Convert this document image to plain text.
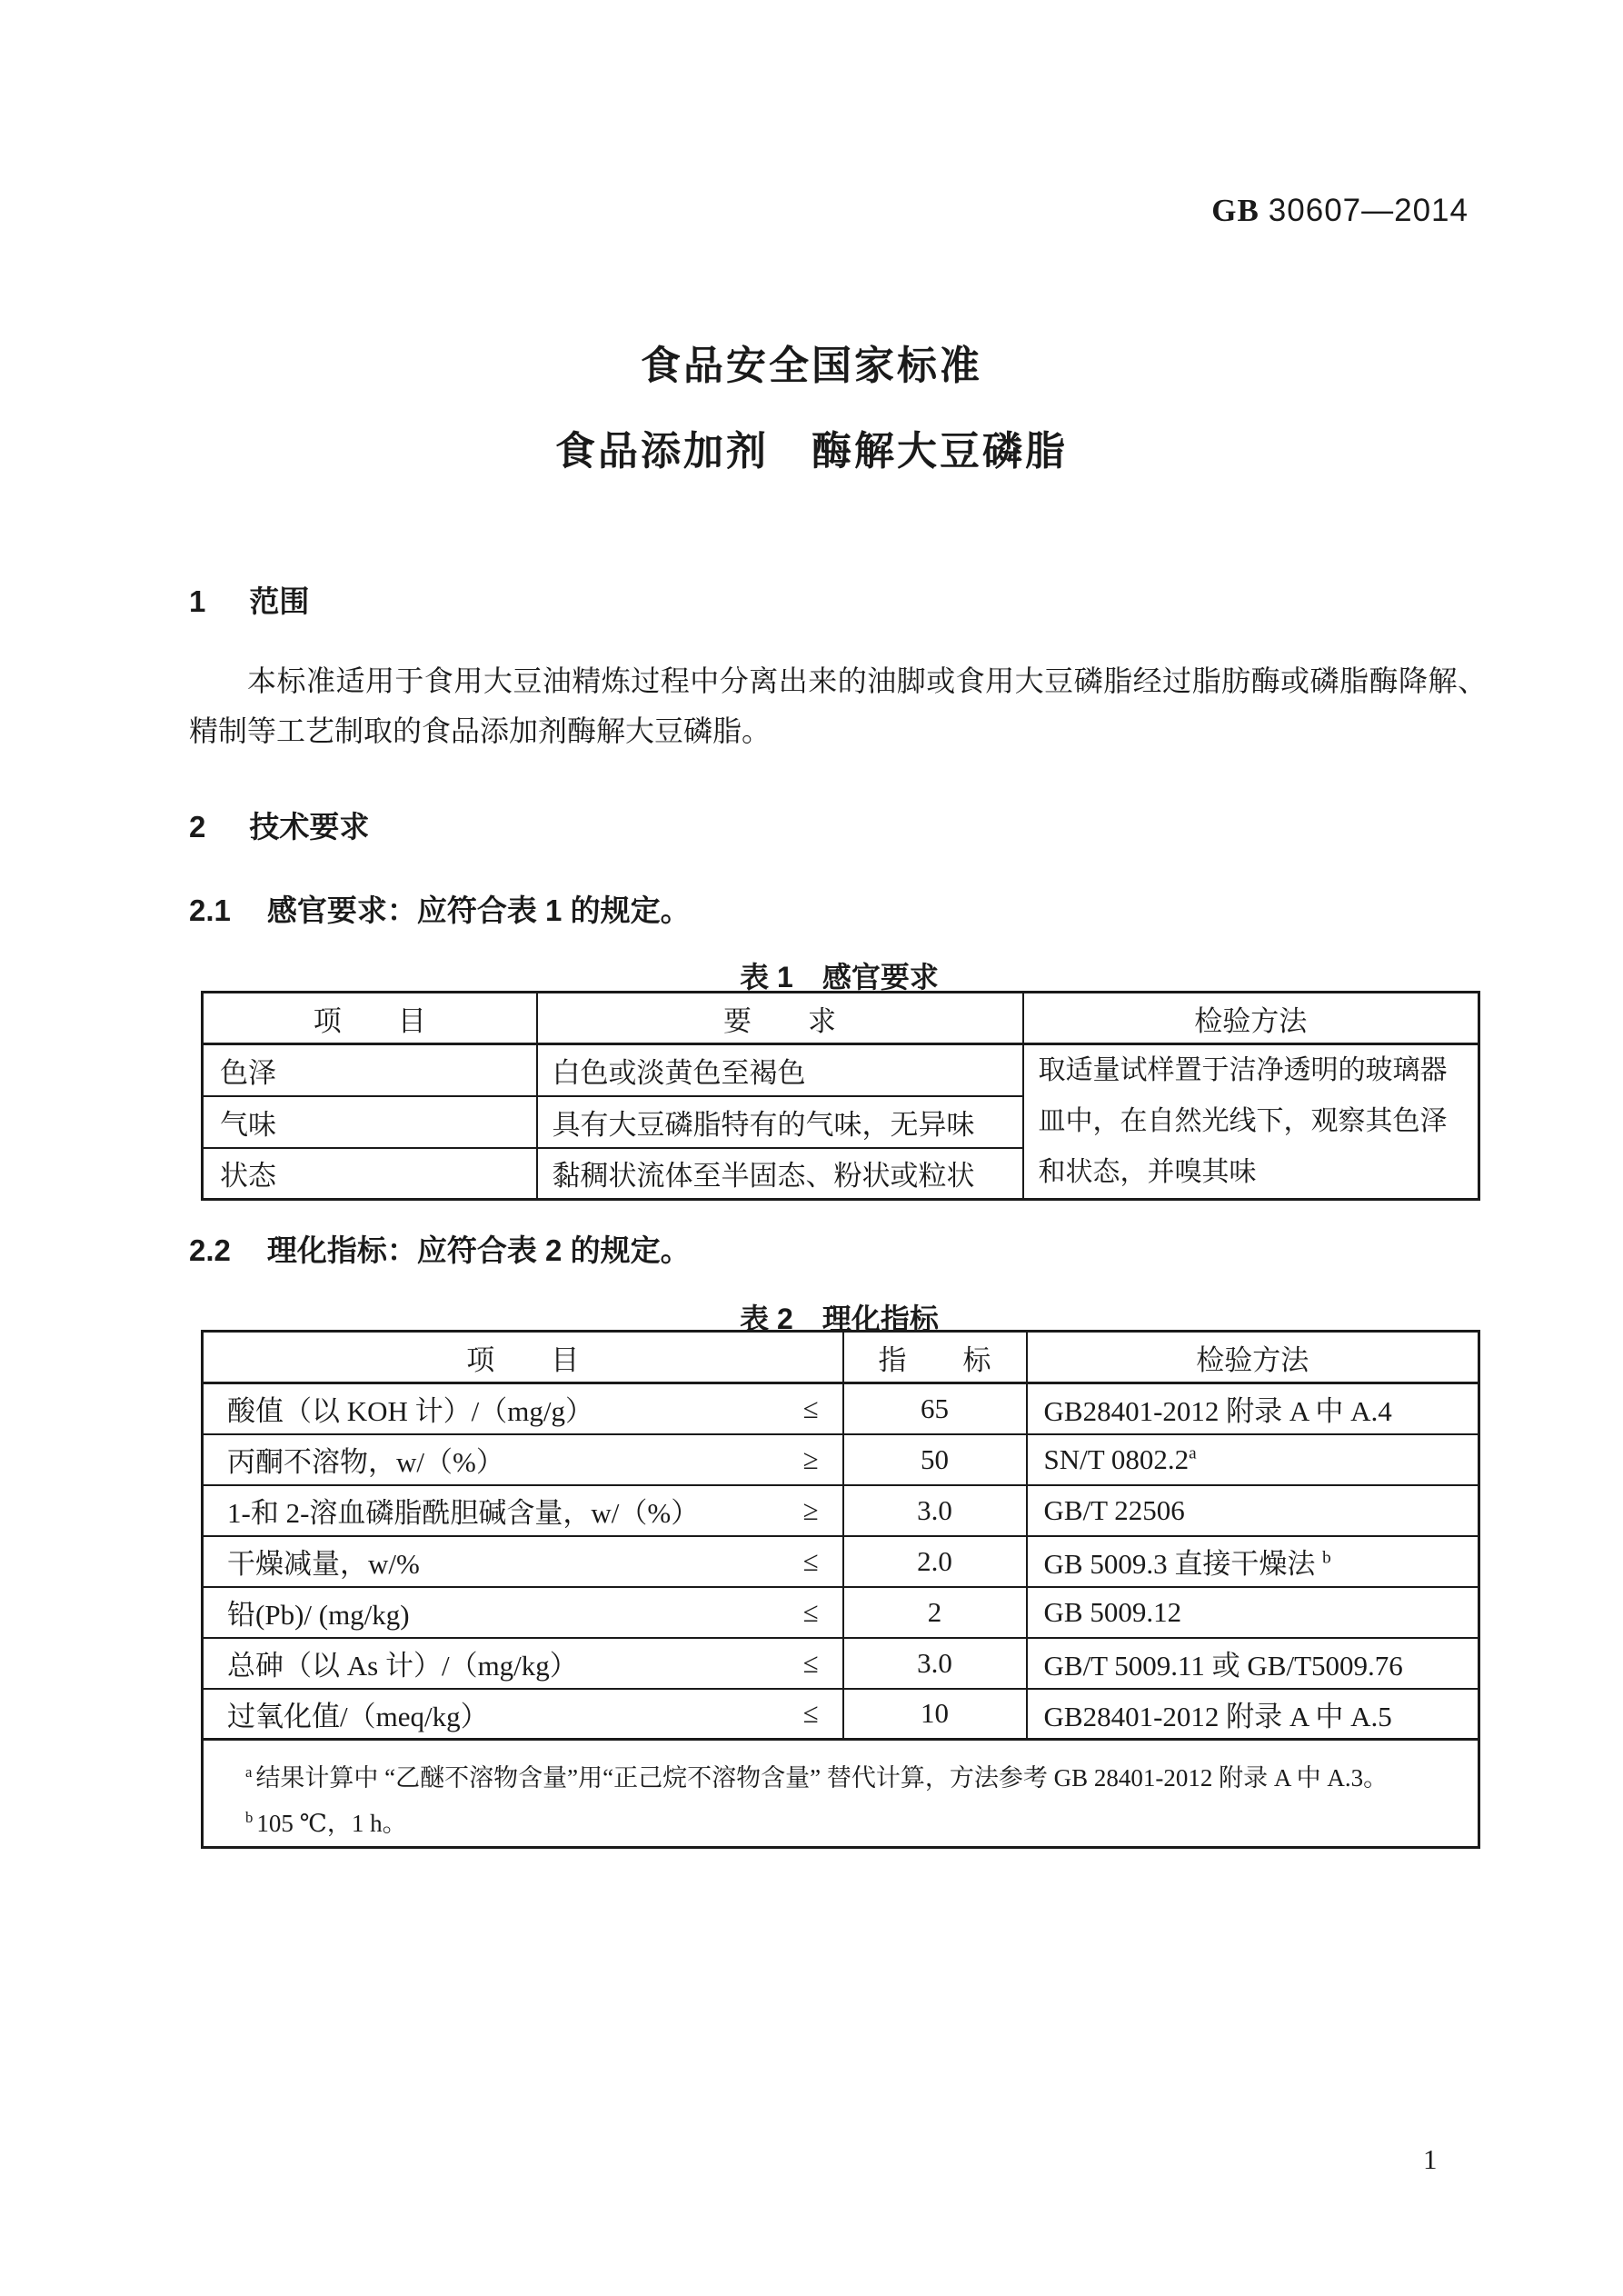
GB 30607—2014
食品安全国家标准
食品添加剂　酶解大豆磷脂
1 范围

本标准适用于食用大豆油精炼过程中分离出来的油脚或食用大豆磷脂经过脂肪酶或磷脂酶降解、精制等工艺制取的食品添加剂酶解大豆磷脂。

2 技术要求
2.1 感官要求：应符合表 1 的规定。
表 1　感官要求
项　　目	要　　求	检验方法
色泽	白色或淡黄色至褐色	取适量试样置于洁净透明的玻璃器皿中，在自然光线下，观察其色泽和状态，并嗅其味
气味	具有大豆磷脂特有的气味，无异味	
状态	黏稠状流体至半固态、粉状或粒状	
2.2 理化指标：应符合表 2 的规定。
表 2　理化指标
项　　目	指　　标	检验方法

酸值（以 KOH 计）/（mg/g） ≤	65	GB28401-2012 附录 A 中 A.4

丙酮不溶物，w/（%） ≥	50	SN/T 0802.2$^a$

1-和 2-溶血磷脂酰胆碱含量，w/（%） ≥	3.0	GB/T 22506

干燥减量，w/% ≤	2.0	GB 5009.3 直接干燥法 $^b$

铅(Pb)/ (mg/kg) ≤	2	GB 5009.12

总砷（以 As 计）/（mg/kg） ≤	3.0	GB/T 5009.11 或 GB/T5009.76

过氧化值/（meq/kg） ≤	10	GB28401-2012 附录 A 中 A.5

$^a$ 结果计算中 “乙醚不溶物含量”用“正己烷不溶物含量” 替代计算，方法参考 GB 28401-2012 附录 A 中 A.3。
$^b$ 105 ℃，1 h。		
1
